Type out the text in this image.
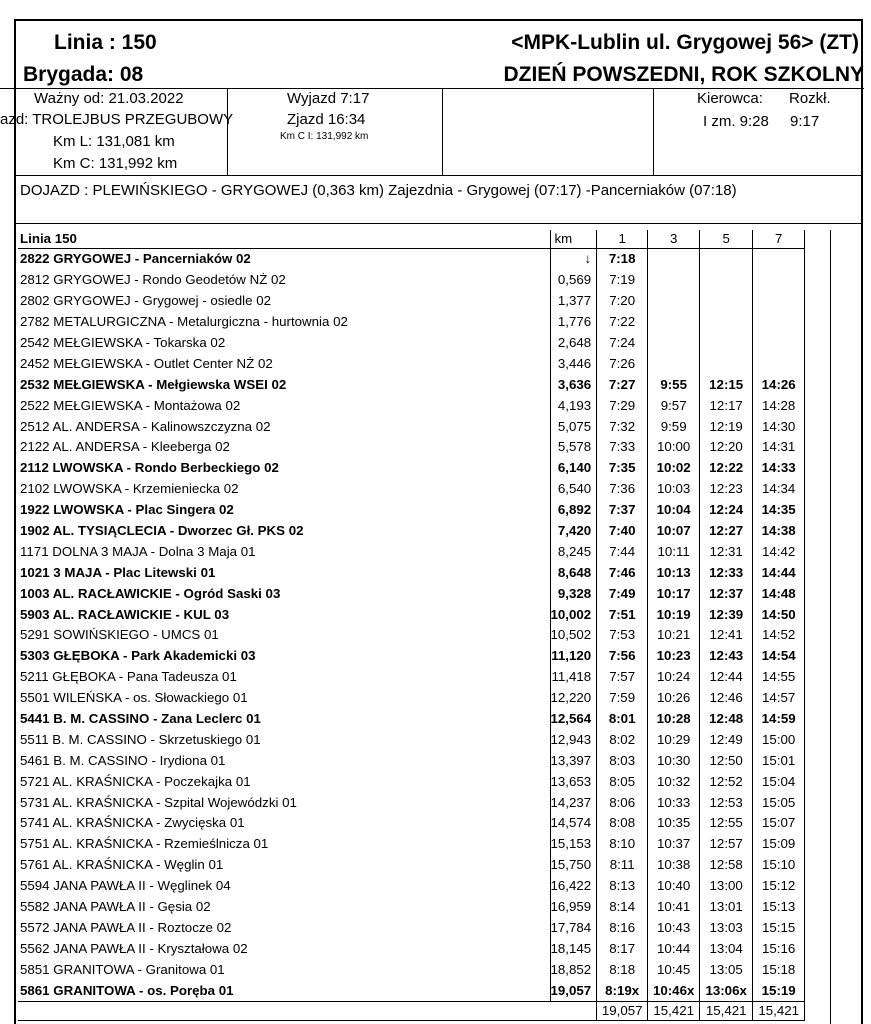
Linia : 150
Brygada: 08
<MPK-Lublin ul. Grygowej 56> (ZT)
DZIEŃ POWSZEDNI, ROK SZKOLNY
Ważny od: 21.03.2022
azd: TROLEJBUS PRZEGUBOWY
Km L: 131,081 km
Km C: 131,992 km
Wyjazd 7:17
Zjazd 16:34
Km C I: 131,992 km
Kierowca: Rozkł.
I zm. 9:28 9:17
DOJAZD : PLEWIŃSKIEGO - GRYGOWEJ (0,363 km) Zajezdnia - Grygowej (07:17) -Pancerniaków (07:18)
Linia 150	km	1	3	5	7
2822 GRYGOWEJ - Pancerniaków 02	↓	7:18			
2812 GRYGOWEJ - Rondo Geodetów NŻ 02	0,569	7:19			
2802 GRYGOWEJ - Grygowej - osiedle 02	1,377	7:20			
2782 METALURGICZNA - Metalurgiczna - hurtownia 02	1,776	7:22			
2542 MEŁGIEWSKA - Tokarska 02	2,648	7:24			
2452 MEŁGIEWSKA - Outlet Center NŻ 02	3,446	7:26			
2532 MEŁGIEWSKA - Mełgiewska WSEI 02	3,636	7:27	9:55	12:15	14:26
2522 MEŁGIEWSKA - Montażowa 02	4,193	7:29	9:57	12:17	14:28
2512 AL. ANDERSA - Kalinowszczyzna 02	5,075	7:32	9:59	12:19	14:30
2122 AL. ANDERSA - Kleeberga 02	5,578	7:33	10:00	12:20	14:31
2112 LWOWSKA - Rondo Berbeckiego 02	6,140	7:35	10:02	12:22	14:33
2102 LWOWSKA - Krzemieniecka 02	6,540	7:36	10:03	12:23	14:34
1922 LWOWSKA - Plac Singera 02	6,892	7:37	10:04	12:24	14:35
1902 AL. TYSIĄCLECIA - Dworzec Gł. PKS 02	7,420	7:40	10:07	12:27	14:38
1171 DOLNA 3 MAJA - Dolna 3 Maja 01	8,245	7:44	10:11	12:31	14:42
1021 3 MAJA - Plac Litewski 01	8,648	7:46	10:13	12:33	14:44
1003 AL. RACŁAWICKIE - Ogród Saski 03	9,328	7:49	10:17	12:37	14:48
5903 AL. RACŁAWICKIE - KUL 03	10,002	7:51	10:19	12:39	14:50
5291 SOWIŃSKIEGO - UMCS 01	10,502	7:53	10:21	12:41	14:52
5303 GŁĘBOKA - Park Akademicki 03	11,120	7:56	10:23	12:43	14:54
5211 GŁĘBOKA - Pana Tadeusza 01	11,418	7:57	10:24	12:44	14:55
5501 WILEŃSKA - os. Słowackiego 01	12,220	7:59	10:26	12:46	14:57
5441 B. M. CASSINO - Zana Leclerc 01	12,564	8:01	10:28	12:48	14:59
5511 B. M. CASSINO - Skrzetuskiego 01	12,943	8:02	10:29	12:49	15:00
5461 B. M. CASSINO - Irydiona 01	13,397	8:03	10:30	12:50	15:01
5721 AL. KRAŚNICKA - Poczekajka 01	13,653	8:05	10:32	12:52	15:04
5731 AL. KRAŚNICKA - Szpital Wojewódzki 01	14,237	8:06	10:33	12:53	15:05
5741 AL. KRAŚNICKA - Zwycięska 01	14,574	8:08	10:35	12:55	15:07
5751 AL. KRAŚNICKA - Rzemieślnicza 01	15,153	8:10	10:37	12:57	15:09
5761 AL. KRAŚNICKA - Węglin 01	15,750	8:11	10:38	12:58	15:10
5594 JANA PAWŁA II - Węglinek 04	16,422	8:13	10:40	13:00	15:12
5582 JANA PAWŁA II - Gęsia 02	16,959	8:14	10:41	13:01	15:13
5572 JANA PAWŁA II - Roztocze 02	17,784	8:16	10:43	13:03	15:15
5562 JANA PAWŁA II - Kryształowa 02	18,145	8:17	10:44	13:04	15:16
5851 GRANITOWA - Granitowa 01	18,852	8:18	10:45	13:05	15:18
5861 GRANITOWA - os. Poręba 01	19,057	8:19x	10:46x	13:06x	15:19
		19,057	15,421	15,421	15,421
